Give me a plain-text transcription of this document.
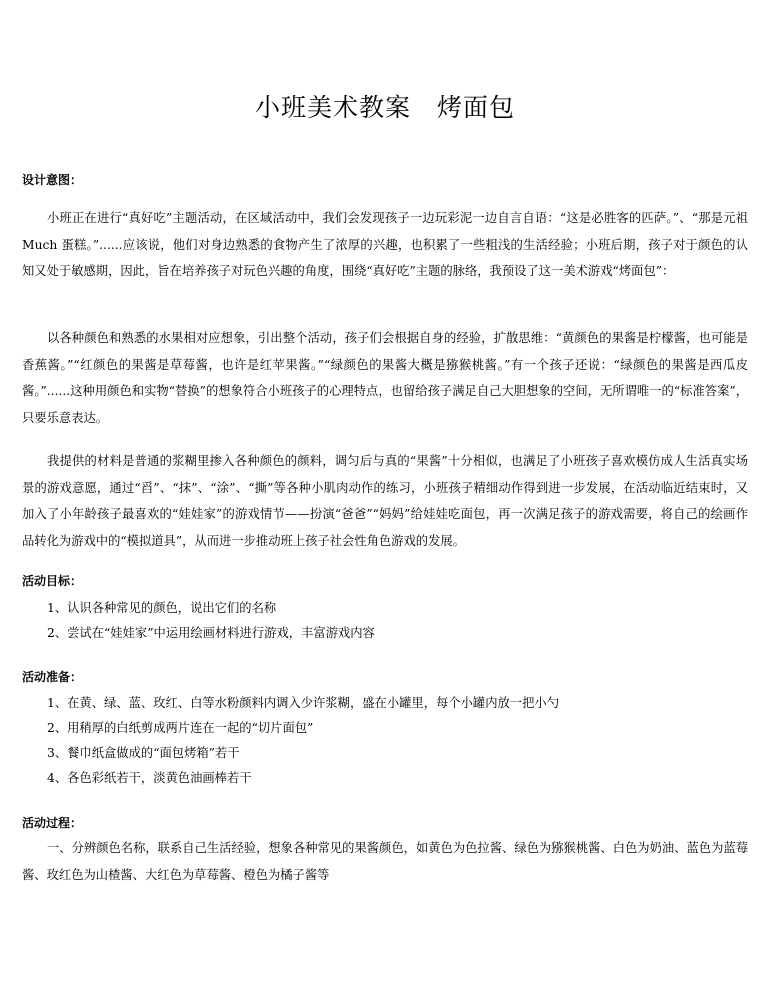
小班美术教案　烤面包
设计意图：
小班正在进行“真好吃”主题活动，在区域活动中，我们会发现孩子一边玩彩泥一边自言自语：“这是必胜客的匹萨。”、“那是元祖 Much 蛋糕。”......应该说，他们对身边熟悉的食物产生了浓厚的兴趣，也积累了一些粗浅的生活经验；小班后期，孩子对于颜色的认知又处于敏感期，因此，旨在培养孩子对玩色兴趣的角度，围绕“真好吃”主题的脉络，我预设了这一美术游戏“烤面包”：
以各种颜色和熟悉的水果相对应想象，引出整个活动，孩子们会根据自身的经验，扩散思维：“黄颜色的果酱是柠檬酱，也可能是香蕉酱。”“红颜色的果酱是草莓酱，也许是红苹果酱。”“绿颜色的果酱大概是猕猴桃酱。”有一个孩子还说：“绿颜色的果酱是西瓜皮酱。”......这种用颜色和实物“替换”的想象符合小班孩子的心理特点，也留给孩子满足自己大胆想象的空间，无所谓唯一的“标准答案”，只要乐意表达。
我提供的材料是普通的浆糊里掺入各种颜色的颜料，调匀后与真的“果酱”十分相似，也满足了小班孩子喜欢模仿成人生活真实场景的游戏意愿，通过“舀”、“抹”、“涂”、“撕”等各种小肌肉动作的练习，小班孩子精细动作得到进一步发展，在活动临近结束时，又加入了小年龄孩子最喜欢的“娃娃家”的游戏情节——扮演“爸爸”“妈妈”给娃娃吃面包，再一次满足孩子的游戏需要，将自己的绘画作品转化为游戏中的“模拟道具”，从而进一步推动班上孩子社会性角色游戏的发展。
活动目标：
1、认识各种常见的颜色，说出它们的名称
2、尝试在“娃娃家”中运用绘画材料进行游戏，丰富游戏内容
活动准备：
1、在黄、绿、蓝、玫红、白等水粉颜料内调入少许浆糊，盛在小罐里，每个小罐内放一把小勺
2、用稍厚的白纸剪成两片连在一起的“切片面包”
3、餐巾纸盒做成的“面包烤箱”若干
4、各色彩纸若干，淡黄色油画棒若干
活动过程：
一、分辨颜色名称，联系自己生活经验，想象各种常见的果酱颜色，如黄色为色拉酱、绿色为猕猴桃酱、白色为奶油、蓝色为蓝莓酱、玫红色为山楂酱、大红色为草莓酱、橙色为橘子酱等
